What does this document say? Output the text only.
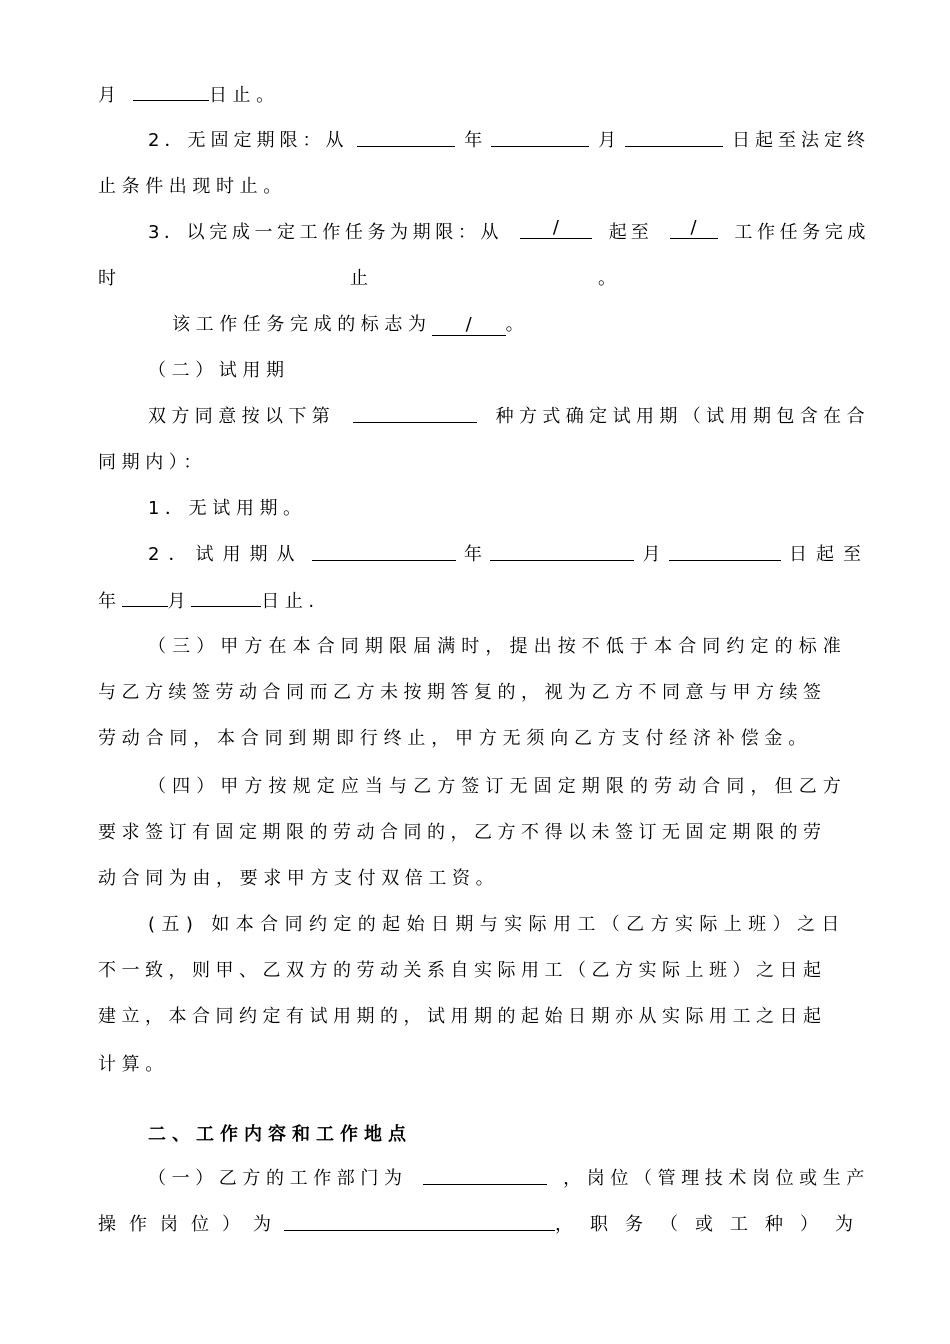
月	日止。
2．无固定期限：从	年	月	日起至法定终
止条件出现时止。
3．以完成一定工作任务为期限：从	/	起至	/	工作任务完成
时	止	。
该工作任务完成的标志为 / 。
（二）试用期
双方同意按以下第	种方式确定试用期（试用期包含在合
同期内）：
1．无试用期。
2．试用期从	年	月	日起至
年	月	日止.
（三）甲方在本合同期限届满时，提出按不低于本合同约定的标准
与乙方续签劳动合同而乙方未按期答复的，视为乙方不同意与甲方续签
劳动合同，本合同到期即行终止，甲方无须向乙方支付经济补偿金。
（四）甲方按规定应当与乙方签订无固定期限的劳动合同，但乙方
要求签订有固定期限的劳动合同的，乙方不得以未签订无固定期限的劳
动合同为由，要求甲方支付双倍工资。
(五) 如本合同约定的起始日期与实际用工（乙方实际上班）之日
不一致，则甲、乙双方的劳动关系自实际用工（乙方实际上班）之日起
建立，本合同约定有试用期的，试用期的起始日期亦从实际用工之日起
计算。
二、工作内容和工作地点
（一）乙方的工作部门为	，岗位（管理技术岗位或生产
操作岗位）为	，职务（或工种）为
